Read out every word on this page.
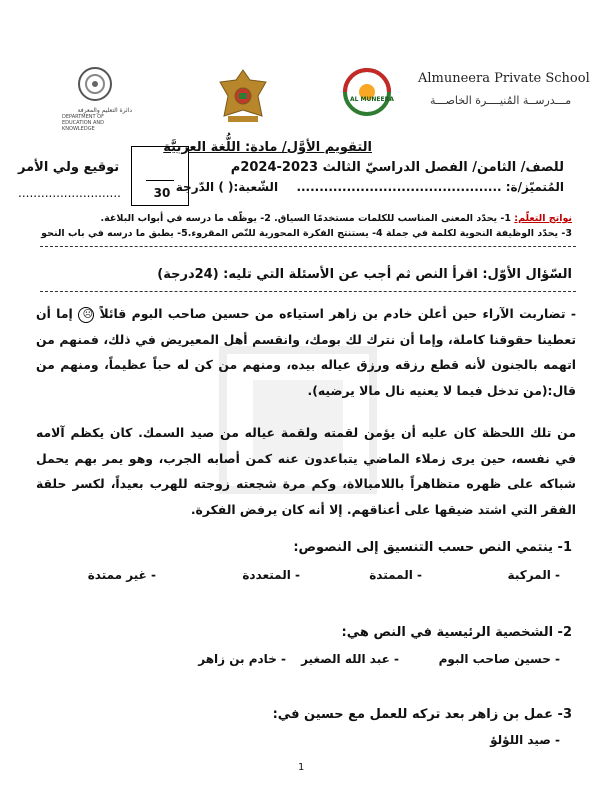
Almuneera Private School
مـــدرســة المُنيــــرة الخاصـــة
دائرة التعليم والمعرفة
DEPARTMENT OF EDUCATION AND KNOWLEDGE
AL MUNEERA
30
التقويم الأوَّل/ مادة: اللُّغة العربيَّة
للصف/ الثامن/ الفصل الدراسيّ الثالث 2023-2024م
توقيع ولي الأمر
المُتميّز/ة: .............................................  الشّعبة:( ) الدّرجة
...........................
نواتج التعلّم: 1- يحدّد المعنى المناسب للكلمات مستخدمًا السياق. 2- يوظّف ما درسه في أبواب البلاغة.
3- يحدّد الوظيفة النحوية لكلمة في جملة 4- يستنتج الفكرة المحورية للنّص المقروء.5- يطبق ما درسه في باب النحو
السّؤال الأوّل: اقرأ النص ثم أجب عن الأسئلة التي تليه: (24درجة)
- تضاربت الآراء حين أعلن خادم بن زاهر استياءه من حسين صاحب البوم قائلاً ☹ إما أن تعطينا حقوقنا كاملة، وإما أن نترك لك بومك، وانقسم أهل المعيريض في ذلك، فمنهم من اتهمه بالجنون لأنه قطع رزقه ورزق عياله بيده، ومنهم من كن له حباً عظيماً، ومنهم من قال:(من تدخل فيما لا يعنيه نال مالا يرضيه).
من تلك اللحظة كان عليه أن يؤمن لقمته ولقمة عياله من صيد السمك. كان يكظم آلامه في نفسه، حين يرى زملاء الماضي يتباعدون عنه كمن أصابه الجرب، وهو يمر بهم يحمل شباكه على ظهره متظاهراً باللامبالاة، وكم مرة شجعته زوجته للهرب بعيداً، لكسر حلقة الفقر التي اشتد ضيقها على أعناقهم. إلا أنه كان يرفض الفكرة.
1- ينتمي النص حسب التنسيق إلى النصوص:
- المركبة
- الممتدة
- المتعددة
- غير ممتدة
2- الشخصية الرئيسية في النص هي:
- حسين صاحب البوم
- عبد الله الصغير
- خادم بن زاهر
3- عمل بن زاهر بعد تركه للعمل مع حسين في:
- صيد اللؤلؤ
1
